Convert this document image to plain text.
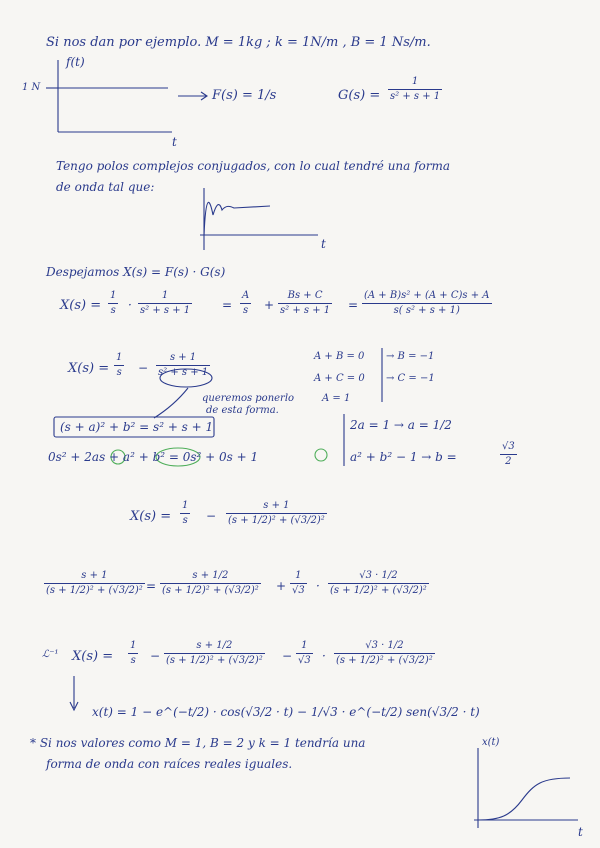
Si nos dan por ejemplo. M = 1kg ; k = 1N/m , B = 1 Ns/m.
f(t)
1 N
t
F(s) = 1/s	G(s) =
1
s² + s + 1
Tengo polos complejos conjugados, con lo cual tendré una forma
de onda tal que:
t
Despejamos X(s) = F(s) · G(s)
X(s) =
1
s ·
1
s² + s + 1	=
A
s +
Bs + C
s² + s + 1 =
(A + B)s² + (A + C)s + A
s( s² + s + 1)
X(s) =
1
s −
s + 1
s² + s + 1
A + B = 0 → B = −1
A + C = 0 → C = −1
A = 1
queremos ponerlo
de esta forma.
(s + a)² + b² = s² + s + 1	2a = 1 → a = 1/2
0s² + 2as + a² + b² = 0s² + 0s + 1	a² + b² − 1 → b =
√3
2
X(s) =
1
s −
s + 1
(s + 1/2)² + (√3/2)²
s + 1
(s + 1/2)² + (√3/2)² =
s + 1/2
(s + 1/2)² + (√3/2)² +
1
√3 ·
√3 · 1/2
(s + 1/2)² + (√3/2)²
ℒ⁻¹ X(s) =
1
s −
s + 1/2
(s + 1/2)² + (√3/2)² −
1
√3 ·
√3 · 1/2
(s + 1/2)² + (√3/2)²
x(t) = 1 − e^(−t/2) · cos(√3/2 · t) − 1/√3 · e^(−t/2) sen(√3/2 · t)
* Si nos valores como M = 1, B = 2 y k = 1 tendría una
forma de onda con raíces reales iguales.
x(t)
t
